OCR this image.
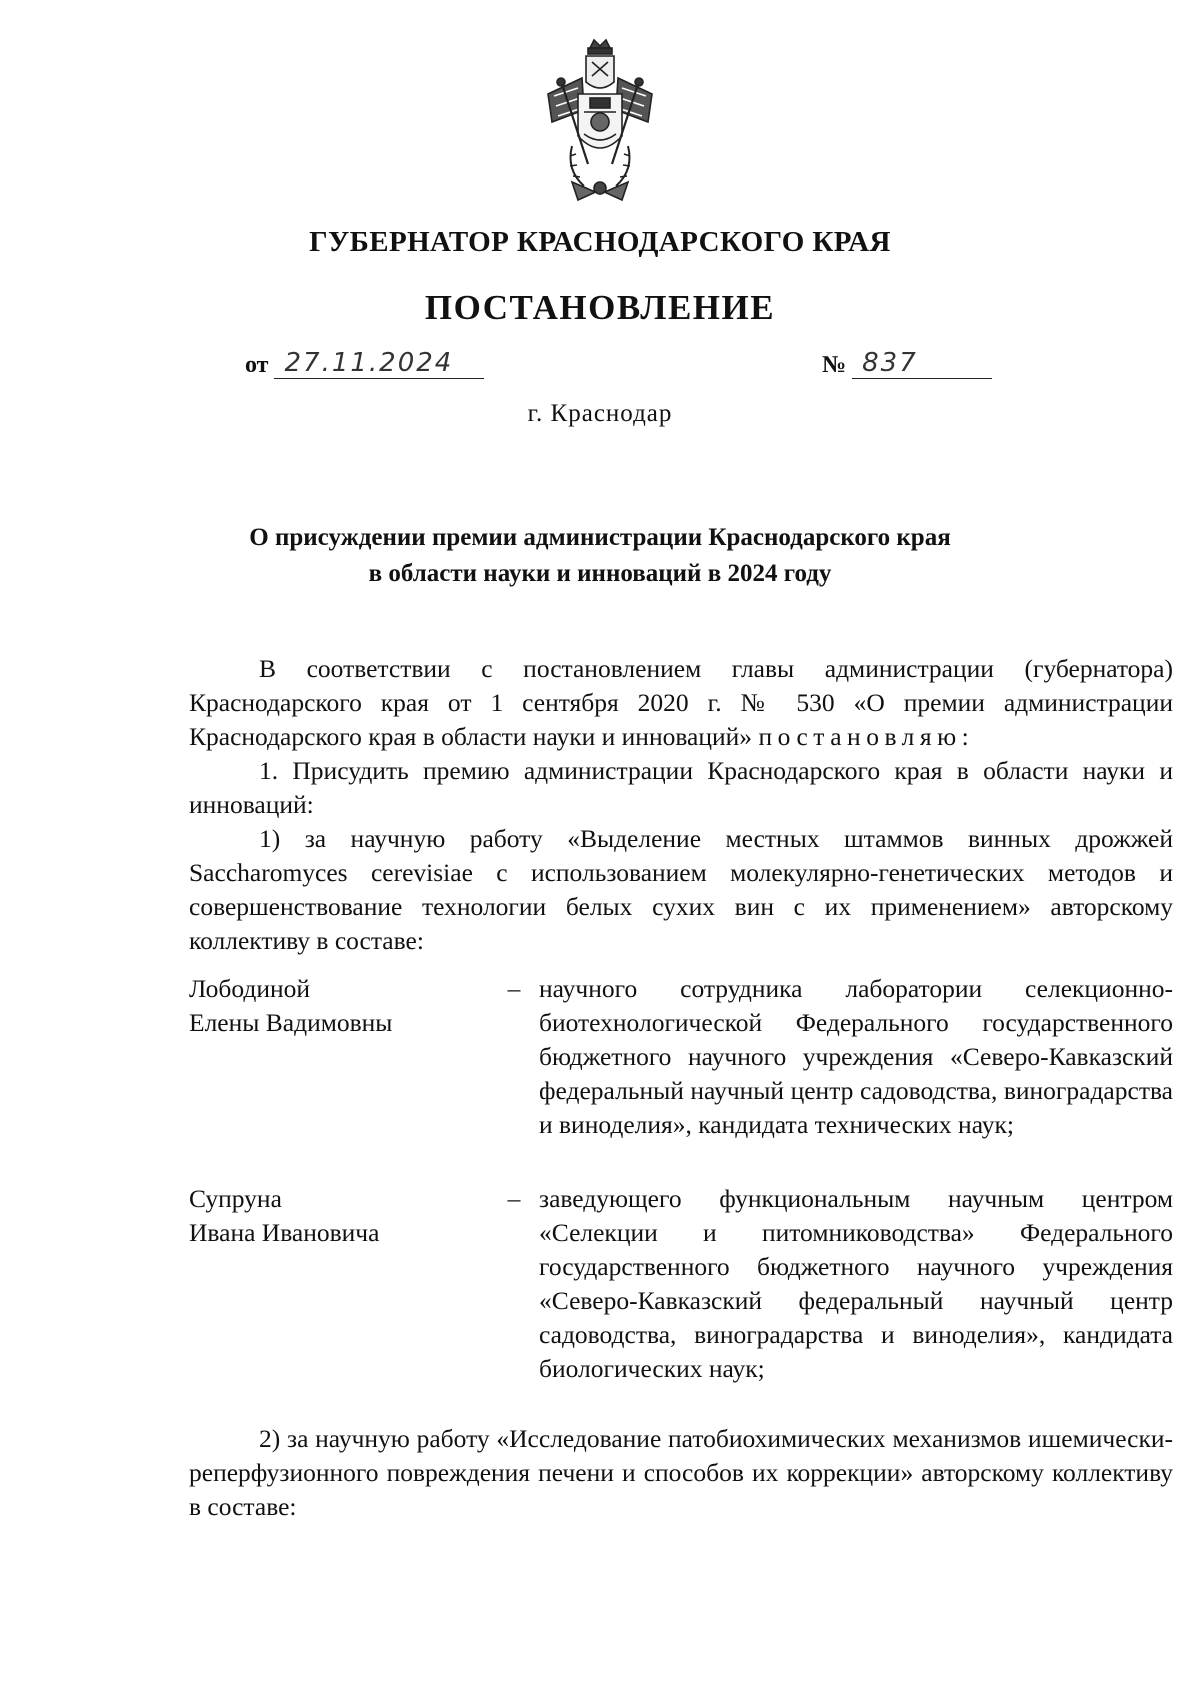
ГУБЕРНАТОР КРАСНОДАРСКОГО КРАЯ
ПОСТАНОВЛЕНИЕ
от 27.11.2024	№ 837
г. Краснодар
О присуждении премии администрации Краснодарского края
в области науки и инноваций в 2024 году

В соответствии с постановлением главы администрации (губернатора) Краснодарского края от 1 сентября 2020 г. № 530 «О премии администрации Краснодарского края в области науки и инноваций» постановляю:

1. Присудить премию администрации Краснодарского края в области науки и инноваций:

1) за научную работу «Выделение местных штаммов винных дрожжей Saccharomyces cerevisiae с использованием молекулярно-генетических методов и совершенствование технологии белых сухих вин с их применением» авторскому коллективу в составе:

Лободиной
Елены Вадимовны
– научного сотрудника лаборатории селекционно-биотехнологической Федерального государственного бюджетного научного учреждения «Северо-Кавказский федеральный научный центр садоводства, виноградарства и виноделия», кандидата технических наук;
Супруна
Ивана Ивановича
– заведующего функциональным научным центром «Селекции и питомниководства» Федерального государственного бюджетного научного учреждения «Северо-Кавказский федеральный научный центр садоводства, виноградарства и виноделия», кандидата биологических наук;

2) за научную работу «Исследование патобиохимических механизмов ишемически-реперфузионного повреждения печени и способов их коррекции» авторскому коллективу в составе:
